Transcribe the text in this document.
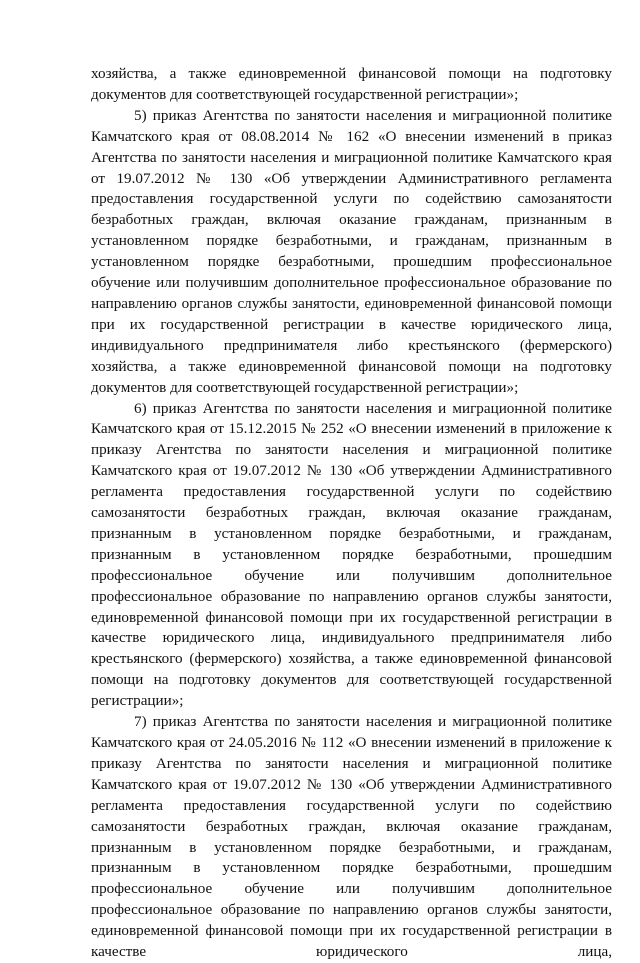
хозяйства, а также единовременной финансовой помощи на подготовку документов для соответствующей государственной регистрации»;

5) приказ Агентства по занятости населения и миграционной политике Камчатского края от 08.08.2014 № 162 «О внесении изменений в приказ Агентства по занятости населения и миграционной политике Камчатского края от 19.07.2012 № 130 «Об утверждении Административного регламента предоставления государственной услуги по содействию самозанятости безработных граждан, включая оказание гражданам, признанным в установленном порядке безработными, и гражданам, признанным в установленном порядке безработными, прошедшим профессиональное обучение или получившим дополнительное профессиональное образование по направлению органов службы занятости, единовременной финансовой помощи при их государственной регистрации в качестве юридического лица, индивидуального предпринимателя либо крестьянского (фермерского) хозяйства, а также единовременной финансовой помощи на подготовку документов для соответствующей государственной регистрации»;

6) приказ Агентства по занятости населения и миграционной политике Камчатского края от 15.12.2015 № 252 «О внесении изменений в приложение к приказу Агентства по занятости населения и миграционной политике Камчатского края от 19.07.2012 № 130 «Об утверждении Административного регламента предоставления государственной услуги по содействию самозанятости безработных граждан, включая оказание гражданам, признанным в установленном порядке безработными, и гражданам, признанным в установленном порядке безработными, прошедшим профессиональное обучение или получившим дополнительное профессиональное образование по направлению органов службы занятости, единовременной финансовой помощи при их государственной регистрации в качестве юридического лица, индивидуального предпринимателя либо крестьянского (фермерского) хозяйства, а также единовременной финансовой помощи на подготовку документов для соответствующей государственной регистрации»;

7) приказ Агентства по занятости населения и миграционной политике Камчатского края от 24.05.2016 № 112 «О внесении изменений в приложение к приказу Агентства по занятости населения и миграционной политике Камчатского края от 19.07.2012 № 130 «Об утверждении Административного регламента предоставления государственной услуги по содействию самозанятости безработных граждан, включая оказание гражданам, признанным в установленном порядке безработными, и гражданам, признанным в установленном порядке безработными, прошедшим профессиональное обучение или получившим дополнительное профессиональное образование по направлению органов службы занятости, единовременной финансовой помощи при их государственной регистрации в качестве юридического лица,
